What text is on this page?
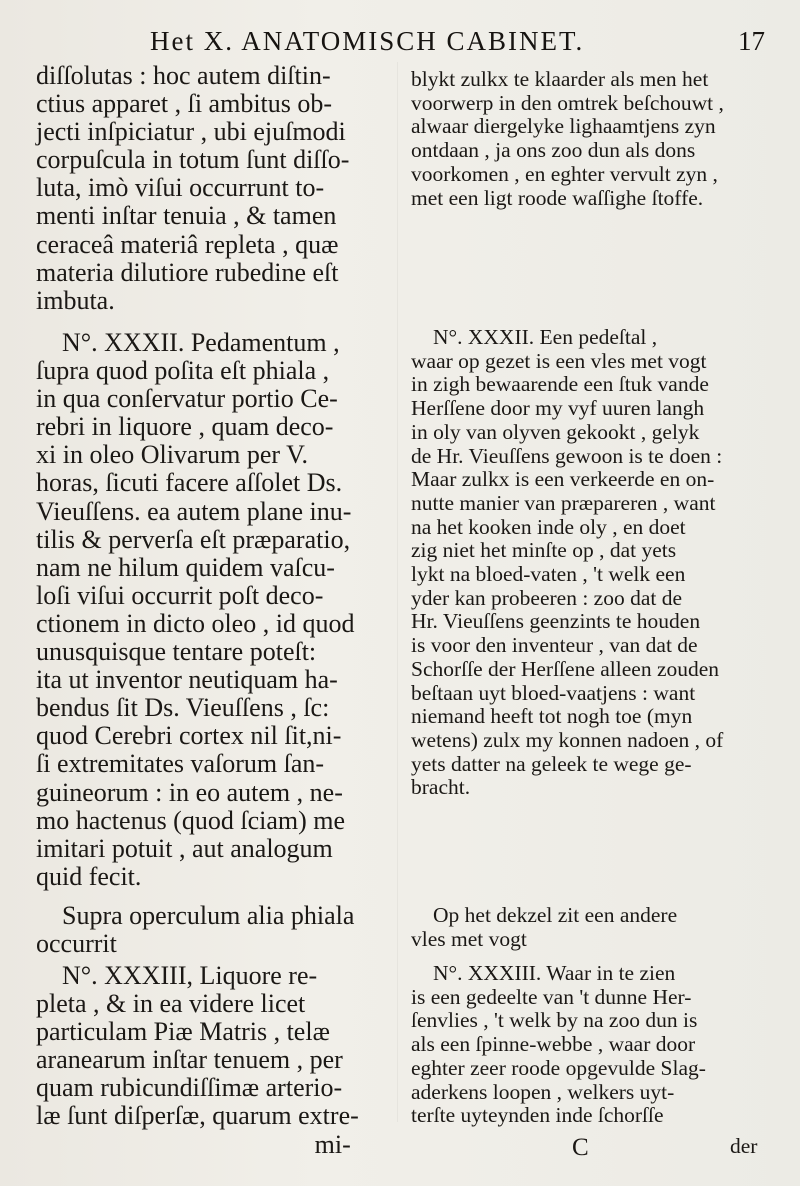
Het X. ANATOMISCH CABINET.	17
diſſolutas : hoc autem diſtin-
ctius apparet , ſi ambitus ob-
jecti inſpiciatur , ubi ejuſmodi
corpuſcula in totum ſunt diſſo-
luta, imò viſui occurrunt to-
menti inſtar tenuia , & tamen
ceraceâ materiâ repleta , quæ
materia dilutiore rubedine eſt
imbuta.
N°. XXXII. Pedamentum ,
ſupra quod poſita eſt phiala ,
in qua conſervatur portio Ce-
rebri in liquore , quam deco-
xi in oleo Olivarum per V.
horas, ſicuti facere aſſolet Ds.
Vieuſſens. ea autem plane inu-
tilis & perverſa eſt præparatio,
nam ne hilum quidem vaſcu-
loſi viſui occurrit poſt deco-
ctionem in dicto oleo , id quod
unusquisque tentare poteſt:
ita ut inventor neutiquam ha-
bendus ſit Ds. Vieuſſens , ſc:
quod Cerebri cortex nil ſit,ni-
ſi extremitates vaſorum ſan-
guineorum : in eo autem , ne-
mo hactenus (quod ſciam) me
imitari potuit , aut analogum
quid fecit.
Supra operculum alia phiala
occurrit
N°. XXXIII, Liquore re-
pleta , & in ea videre licet
particulam Piæ Matris , telæ
aranearum inſtar tenuem , per
quam rubicundiſſimæ arterio-
læ ſunt diſperſæ, quarum extre-
mi-
blykt zulkx te klaarder als men het
voorwerp in den omtrek beſchouwt ,
alwaar diergelyke lighaamtjens zyn
ontdaan , ja ons zoo dun als dons
voorkomen , en eghter vervult zyn ,
met een ligt roode waſſighe ſtoffe.
N°. XXXII. Een pedeſtal ,
waar op gezet is een vles met vogt
in zigh bewaarende een ſtuk vande
Herſſene door my vyf uuren langh
in oly van olyven gekookt , gelyk
de Hr. Vieuſſens gewoon is te doen :
Maar zulkx is een verkeerde en on-
nutte manier van præpareren , want
na het kooken inde oly , en doet
zig niet het minſte op , dat yets
lykt na bloed-vaten , 't welk een
yder kan probeeren : zoo dat de
Hr. Vieuſſens geenzints te houden
is voor den inventeur , van dat de
Schorſſe der Herſſene alleen zouden
beſtaan uyt bloed-vaatjens : want
niemand heeft tot nogh toe (myn
wetens) zulx my konnen nadoen , of
yets datter na geleek te wege ge-
bracht.
Op het dekzel zit een andere
vles met vogt
N°. XXXIII. Waar in te zien
is een gedeelte van 't dunne Her-
ſenvlies , 't welk by na zoo dun is
als een ſpinne-webbe , waar door
eghter zeer roode opgevulde Slag-
aderkens loopen , welkers uyt-
terſte uyteynden inde ſchorſſe
C	der
